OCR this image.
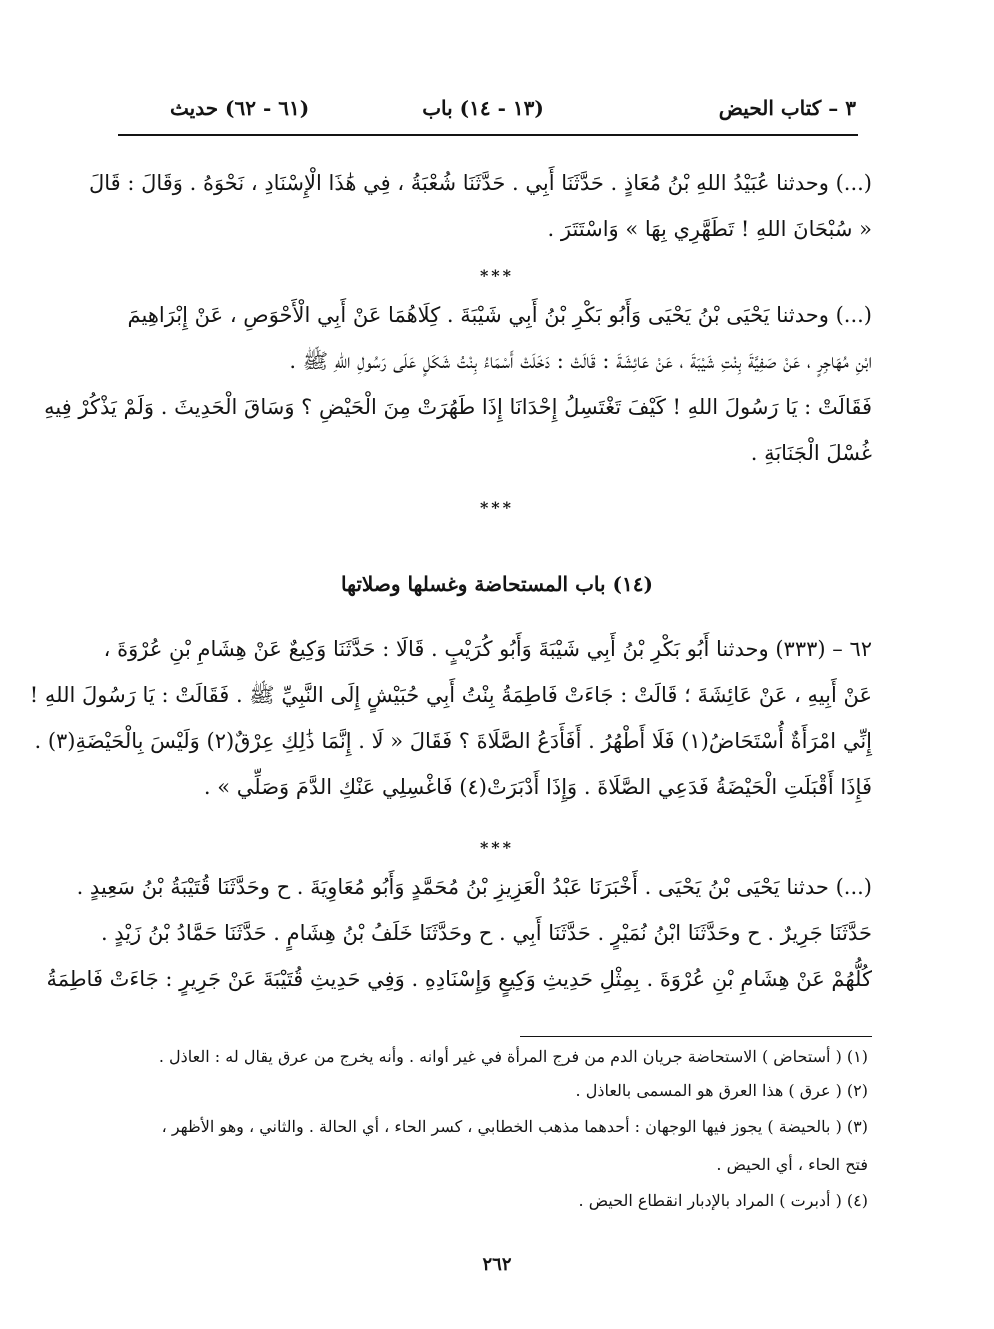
٣ – كتاب الحيض
(١٣ - ١٤) باب
(٦١ - ٦٢) حديث
(...) وحدثنا عُبَيْدُ اللهِ بْنُ مُعَاذٍ . حَدَّثَنَا أَبِي . حَدَّثَنَا شُعْبَةُ ، فِي هَٰذَا الْإِسْنَادِ ، نَحْوَهُ . وَقَالَ : قَالَ
« سُبْحَانَ اللهِ ! تَطَهَّرِي بِهَا » وَاسْتَتَرَ .
***
(...) وحدثنا يَحْيَى بْنُ يَحْيَى وَأَبُو بَكْرِ بْنُ أَبِي شَيْبَةَ . كِلَاهُمَا عَنْ أَبِي الْأَحْوَصِ ، عَنْ إِبْرَاهِيمَ
ابْنِ مُهَاجِرٍ ، عَنْ صَفِيَّةَ بِنْتِ شَيْبَةَ ، عَنْ عَائِشَةَ : قَالَتْ : دَخَلَتْ أَسْمَاءُ بِنْتُ شَكَلٍ عَلَى رَسُولِ اللهِ ﷺ .
فَقَالَتْ : يَا رَسُولَ اللهِ ! كَيْفَ تَغْتَسِلُ إِحْدَانَا إِذَا طَهُرَتْ مِنَ الْحَيْضِ ؟ وَسَاقَ الْحَدِيثَ . وَلَمْ يَذْكُرْ فِيهِ
غُسْلَ الْجَنَابَةِ .
***
(١٤) باب المستحاضة وغسلها وصلاتها
٦٢ – (٣٣٣) وحدثنا أَبُو بَكْرِ بْنُ أَبِي شَيْبَةَ وَأَبُو كُرَيْبٍ . قَالَا : حَدَّثَنَا وَكِيعٌ عَنْ هِشَامِ بْنِ عُرْوَةَ ،
عَنْ أَبِيهِ ، عَنْ عَائِشَةَ ؛ قَالَتْ : جَاءَتْ فَاطِمَةُ بِنْتُ أَبِي حُبَيْشٍ إِلَى النَّبِيِّ ﷺ . فَقَالَتْ : يَا رَسُولَ اللهِ !
إِنِّي امْرَأَةٌ أُسْتَحَاضُ(١) فَلَا أَطْهُرُ . أَفَأَدَعُ الصَّلَاةَ ؟ فَقَالَ « لَا . إِنَّمَا ذَٰلِكِ عِرْقٌ(٢) وَلَيْسَ بِالْحَيْضَةِ(٣) .
فَإِذَا أَقْبَلَتِ الْحَيْضَةُ فَدَعِي الصَّلَاةَ . وَإِذَا أَدْبَرَتْ(٤) فَاغْسِلِي عَنْكِ الدَّمَ وَصَلِّي » .
***
(...) حدثنا يَحْيَى بْنُ يَحْيَى . أَخْبَرَنَا عَبْدُ الْعَزِيزِ بْنُ مُحَمَّدٍ وَأَبُو مُعَاوِيَةَ . ح وحَدَّثَنَا قُتَيْبَةُ بْنُ سَعِيدٍ .
حَدَّثَنَا جَرِيرٌ . ح وحَدَّثَنَا ابْنُ نُمَيْرٍ . حَدَّثَنَا أَبِي . ح وحَدَّثَنَا خَلَفُ بْنُ هِشَامٍ . حَدَّثَنَا حَمَّادُ بْنُ زَيْدٍ .
كُلُّهُمْ عَنْ هِشَامِ بْنِ عُرْوَةَ . بِمِثْلِ حَدِيثِ وَكِيعٍ وَإِسْنَادِهِ . وَفِي حَدِيثِ قُتَيْبَةَ عَنْ جَرِيرٍ : جَاءَتْ فَاطِمَةُ
(١) ( أستحاض ) الاستحاضة جريان الدم من فرج المرأة في غير أوانه . وأنه يخرج من عرق يقال له : العاذل .
(٢) ( عرق ) هذا العرق هو المسمى بالعاذل .
(٣) ( بالحيضة ) يجوز فيها الوجهان : أحدهما مذهب الخطابي ، كسر الحاء ، أي الحالة . والثاني ، وهو الأظهر ،
فتح الحاء ، أي الحيض .
(٤) ( أدبرت ) المراد بالإدبار انقطاع الحيض .
٢٦٢
